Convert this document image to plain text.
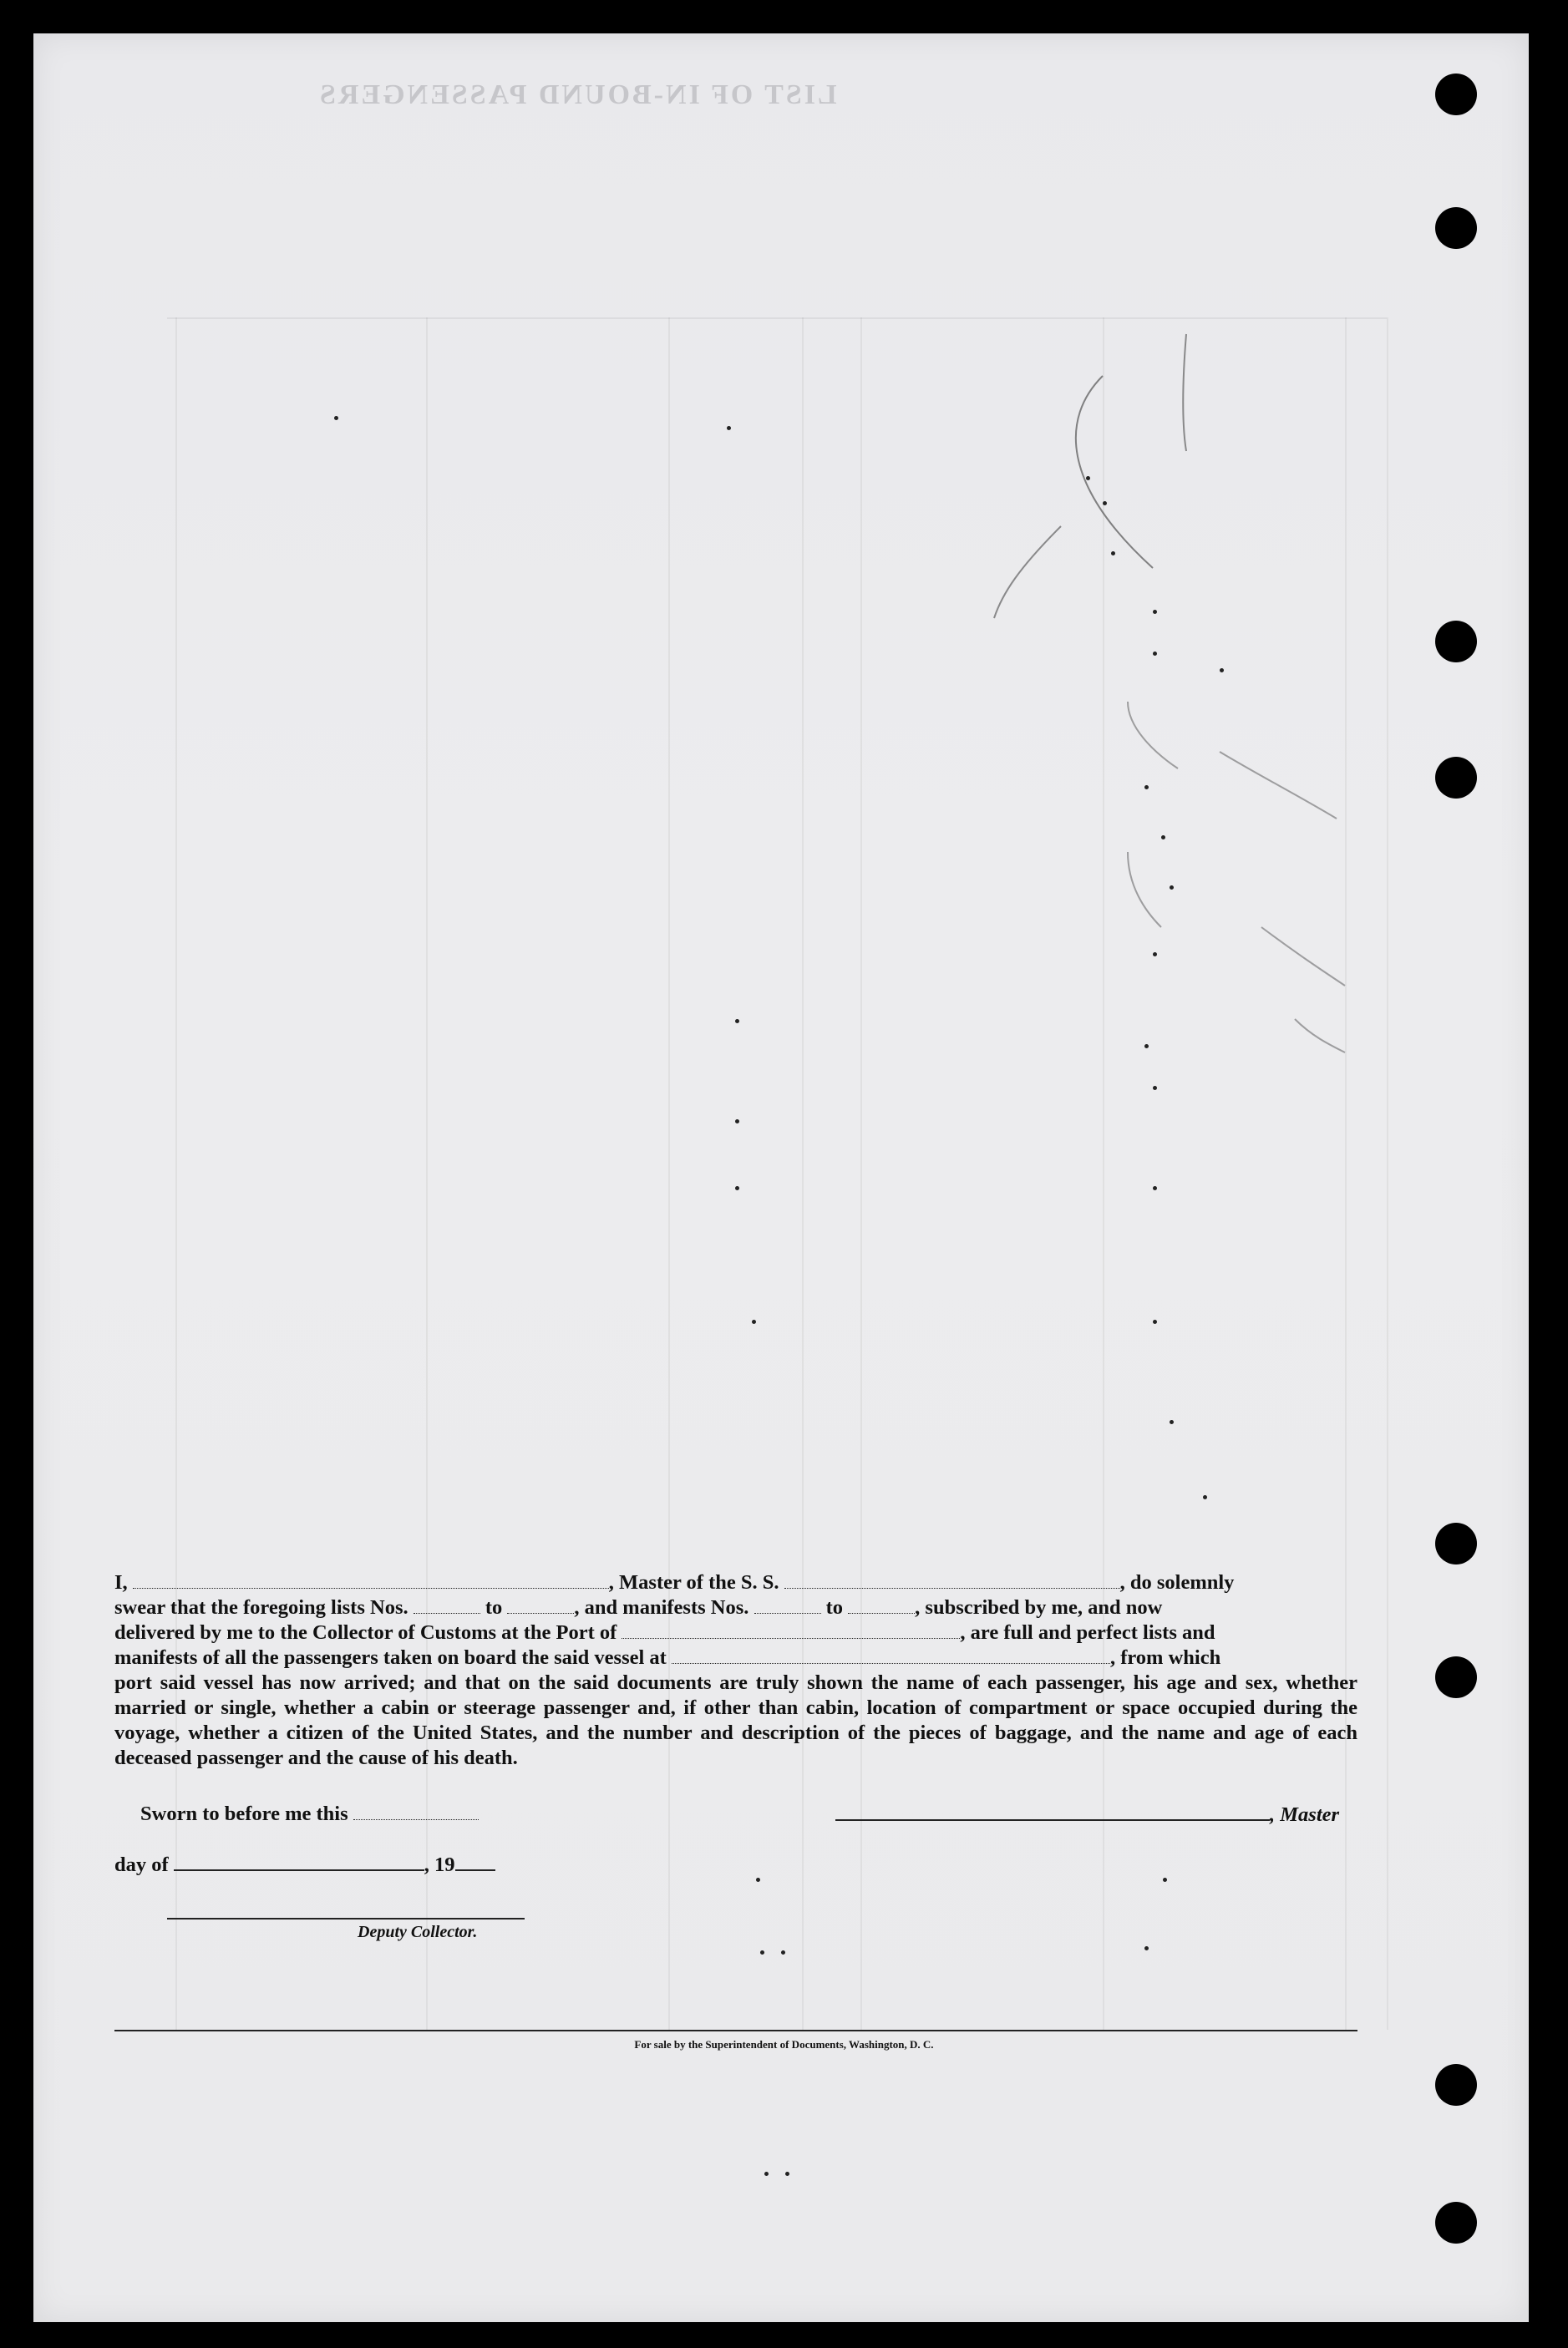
LIST OF IN-BOUND PASSENGERS

I,	, Master of the S. S.	, do solemnly

swear that the foregoing lists Nos.	to	, and manifests Nos.	to	, subscribed by me, and now

delivered by me to the Collector of Customs at the Port of	, are full and perfect lists and

manifests of all the passengers taken on board the said vessel at	, from which

port said vessel has now arrived; and that on the said documents are truly shown the name of each passenger, his age and sex, whether married or single, whether a cabin or steerage passenger and, if other than cabin, location of compartment or space occupied during the voyage, whether a citizen of the United States, and the number and description of the pieces of baggage, and the name and age of each deceased passenger and the cause of his death.

Sworn to before me this	, Master
day of	, 19
Deputy Collector.
For sale by the Superintendent of Documents, Washington, D. C.
